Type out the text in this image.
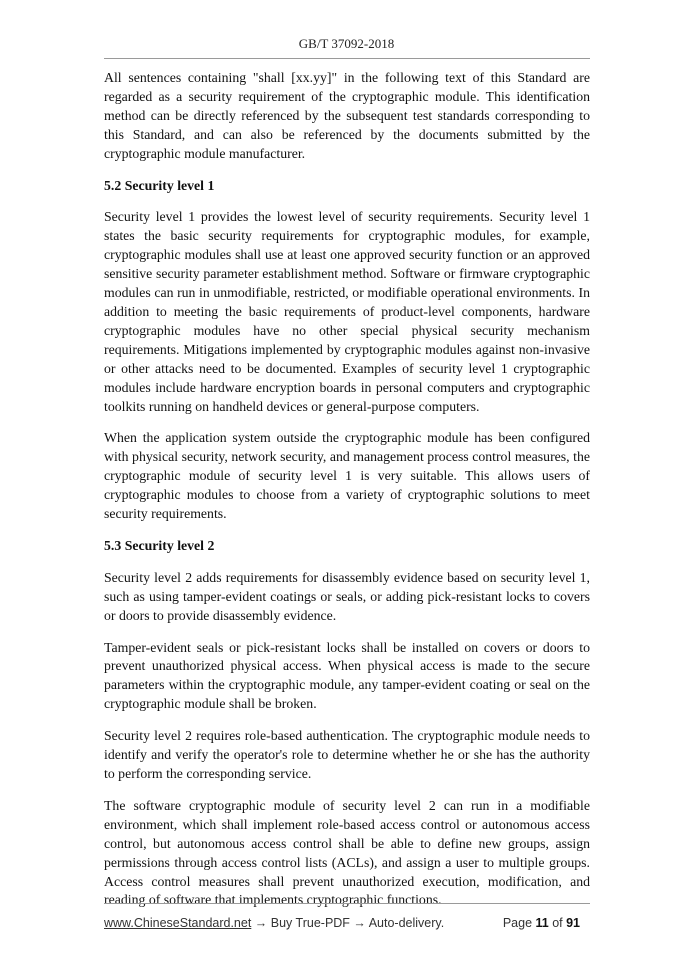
GB/T 37092-2018

All sentences containing "shall [xx.yy]" in the following text of this Standard are regarded as a security requirement of the cryptographic module. This identification method can be directly referenced by the subsequent test standards corresponding to this Standard, and can also be referenced by the documents submitted by the cryptographic module manufacturer.

5.2 Security level 1

Security level 1 provides the lowest level of security requirements. Security level 1 states the basic security requirements for cryptographic modules, for example, cryptographic modules shall use at least one approved security function or an approved sensitive security parameter establishment method. Software or firmware cryptographic modules can run in unmodifiable, restricted, or modifiable operational environments. In addition to meeting the basic requirements of product-level components, hardware cryptographic modules have no other special physical security mechanism requirements. Mitigations implemented by cryptographic modules against non-invasive or other attacks need to be documented. Examples of security level 1 cryptographic modules include hardware encryption boards in personal computers and cryptographic toolkits running on handheld devices or general-purpose computers.

When the application system outside the cryptographic module has been configured with physical security, network security, and management process control measures, the cryptographic module of security level 1 is very suitable. This allows users of cryptographic modules to choose from a variety of cryptographic solutions to meet security requirements.

5.3 Security level 2

Security level 2 adds requirements for disassembly evidence based on security level 1, such as using tamper-evident coatings or seals, or adding pick-resistant locks to covers or doors to provide disassembly evidence.

Tamper-evident seals or pick-resistant locks shall be installed on covers or doors to prevent unauthorized physical access. When physical access is made to the secure parameters within the cryptographic module, any tamper-evident coating or seal on the cryptographic module shall be broken.

Security level 2 requires role-based authentication. The cryptographic module needs to identify and verify the operator's role to determine whether he or she has the authority to perform the corresponding service.

The software cryptographic module of security level 2 can run in a modifiable environment, which shall implement role-based access control or autonomous access control, but autonomous access control shall be able to define new groups, assign permissions through access control lists (ACLs), and assign a user to multiple groups. Access control measures shall prevent unauthorized execution, modification, and reading of software that implements cryptographic functions.

www.ChineseStandard.net → Buy True-PDF → Auto-delivery.	Page 11 of 91
